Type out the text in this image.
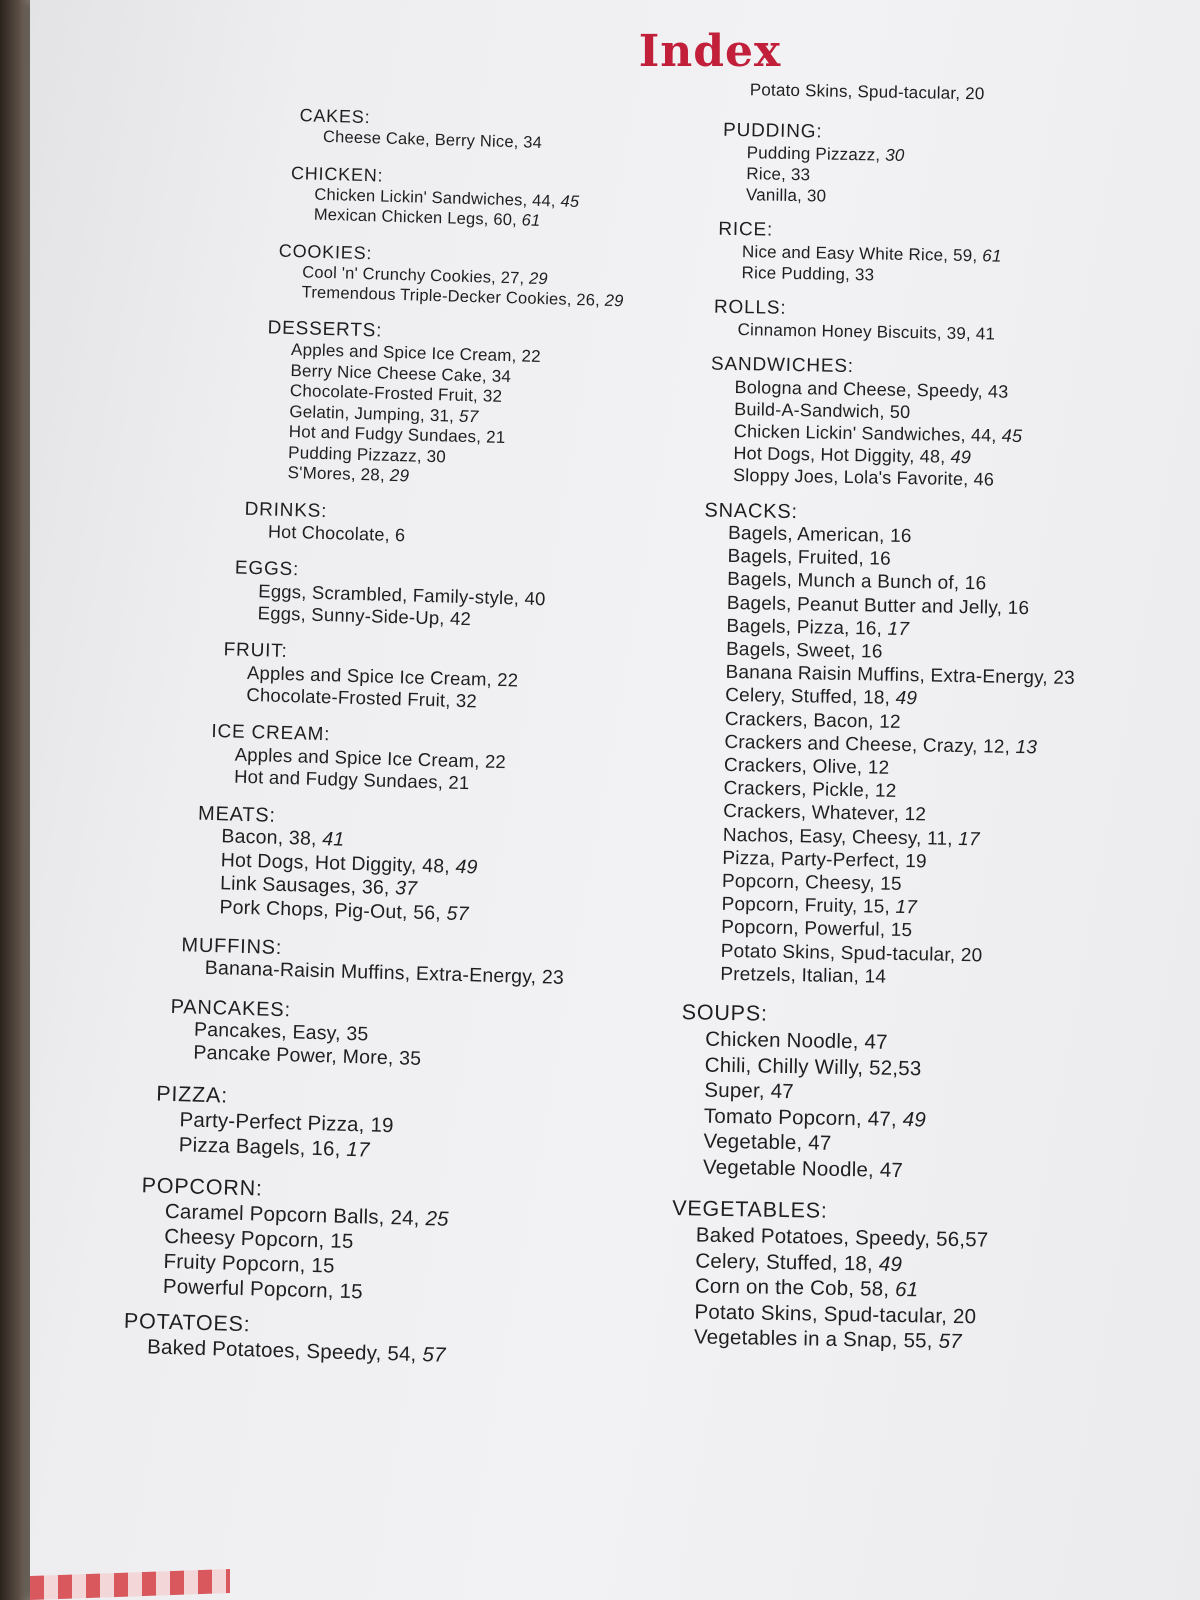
Index
CAKES:
Cheese Cake, Berry Nice, 34
CHICKEN:
Chicken Lickin' Sandwiches, 44, 45
Mexican Chicken Legs, 60, 61
COOKIES:
Cool 'n' Crunchy Cookies, 27, 29
Tremendous Triple-Decker Cookies, 26, 29
DESSERTS:
Apples and Spice Ice Cream, 22
Berry Nice Cheese Cake, 34
Chocolate-Frosted Fruit, 32
Gelatin, Jumping, 31, 57
Hot and Fudgy Sundaes, 21
Pudding Pizzazz, 30
S'Mores, 28, 29
DRINKS:
Hot Chocolate, 6
EGGS:
Eggs, Scrambled, Family-style, 40
Eggs, Sunny-Side-Up, 42
FRUIT:
Apples and Spice Ice Cream, 22
Chocolate-Frosted Fruit, 32
ICE CREAM:
Apples and Spice Ice Cream, 22
Hot and Fudgy Sundaes, 21
MEATS:
Bacon, 38, 41
Hot Dogs, Hot Diggity, 48, 49
Link Sausages, 36, 37
Pork Chops, Pig-Out, 56, 57
MUFFINS:
Banana-Raisin Muffins, Extra-Energy, 23
PANCAKES:
Pancakes, Easy, 35
Pancake Power, More, 35
PIZZA:
Party-Perfect Pizza, 19
Pizza Bagels, 16, 17
POPCORN:
Caramel Popcorn Balls, 24, 25
Cheesy Popcorn, 15
Fruity Popcorn, 15
Powerful Popcorn, 15
POTATOES:
Baked Potatoes, Speedy, 54, 57
Potato Skins, Spud-tacular, 20
PUDDING:
Pudding Pizzazz, 30
Rice, 33
Vanilla, 30
RICE:
Nice and Easy White Rice, 59, 61
Rice Pudding, 33
ROLLS:
Cinnamon Honey Biscuits, 39, 41
SANDWICHES:
Bologna and Cheese, Speedy, 43
Build-A-Sandwich, 50
Chicken Lickin' Sandwiches, 44, 45
Hot Dogs, Hot Diggity, 48, 49
Sloppy Joes, Lola's Favorite, 46
SNACKS:
Bagels, American, 16
Bagels, Fruited, 16
Bagels, Munch a Bunch of, 16
Bagels, Peanut Butter and Jelly, 16
Bagels, Pizza, 16, 17
Bagels, Sweet, 16
Banana Raisin Muffins, Extra-Energy, 23
Celery, Stuffed, 18, 49
Crackers, Bacon, 12
Crackers and Cheese, Crazy, 12, 13
Crackers, Olive, 12
Crackers, Pickle, 12
Crackers, Whatever, 12
Nachos, Easy, Cheesy, 11, 17
Pizza, Party-Perfect, 19
Popcorn, Cheesy, 15
Popcorn, Fruity, 15, 17
Popcorn, Powerful, 15
Potato Skins, Spud-tacular, 20
Pretzels, Italian, 14
SOUPS:
Chicken Noodle, 47
Chili, Chilly Willy, 52,53
Super, 47
Tomato Popcorn, 47, 49
Vegetable, 47
Vegetable Noodle, 47
VEGETABLES:
Baked Potatoes, Speedy, 56,57
Celery, Stuffed, 18, 49
Corn on the Cob, 58, 61
Potato Skins, Spud-tacular, 20
Vegetables in a Snap, 55, 57
